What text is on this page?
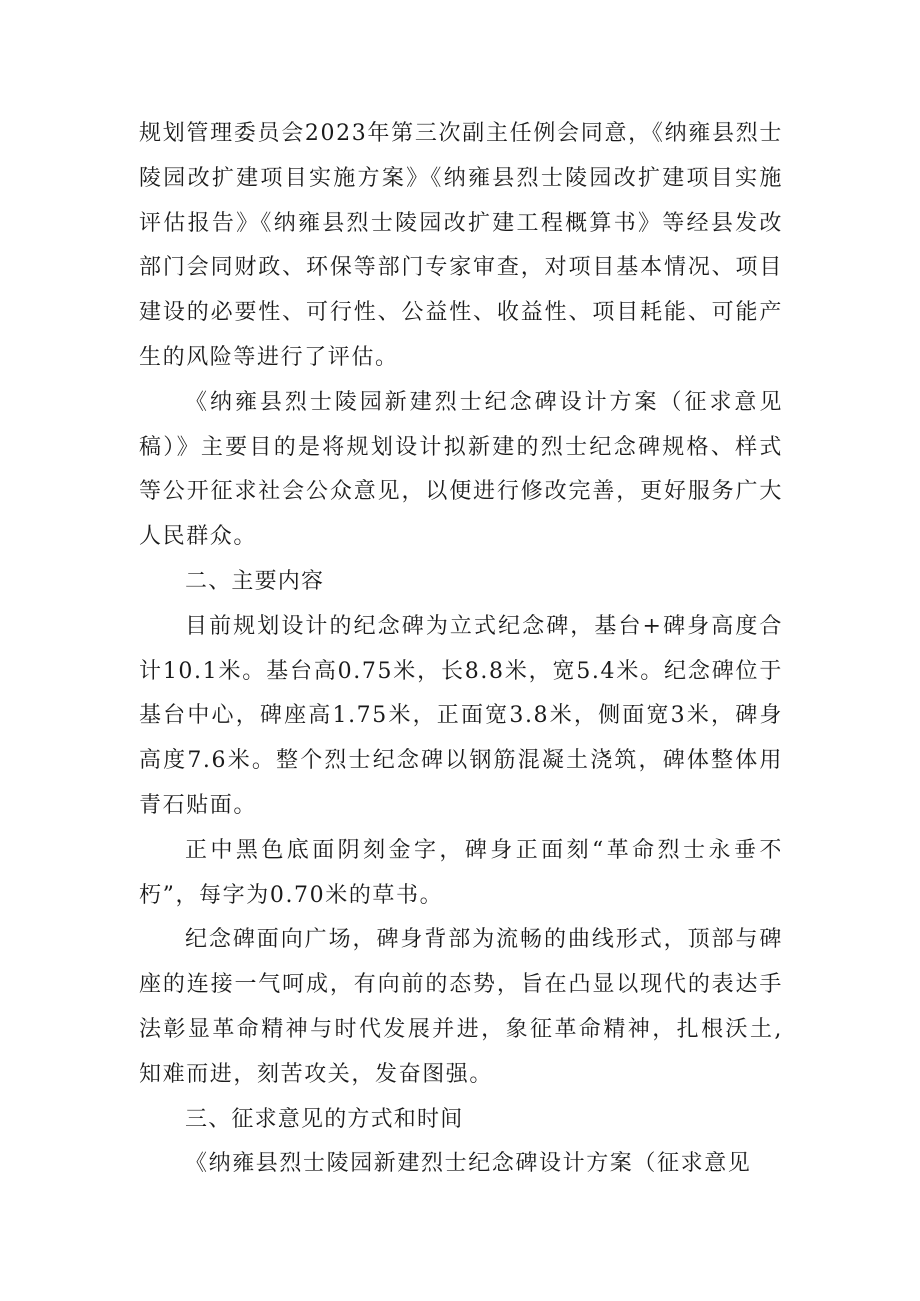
规划管理委员会2023年第三次副主任例会同意，《纳雍县烈士陵园改扩建项目实施方案》《纳雍县烈士陵园改扩建项目实施评估报告》《纳雍县烈士陵园改扩建工程概算书》等经县发改部门会同财政、环保等部门专家审查，对项目基本情况、项目建设的必要性、可行性、公益性、收益性、项目耗能、可能产生的风险等进行了评估。

《纳雍县烈士陵园新建烈士纪念碑设计方案（征求意见稿）》主要目的是将规划设计拟新建的烈士纪念碑规格、样式等公开征求社会公众意见，以便进行修改完善，更好服务广大人民群众。

二、主要内容

目前规划设计的纪念碑为立式纪念碑，基台+碑身高度合计10.1米。基台高0.75米，长8.8米，宽5.4米。纪念碑位于基台中心，碑座高1.75米，正面宽3.8米，侧面宽3米，碑身高度7.6米。整个烈士纪念碑以钢筋混凝土浇筑，碑体整体用青石贴面。

正中黑色底面阴刻金字，碑身正面刻“革命烈士永垂不朽”，每字为0.70米的草书。

纪念碑面向广场，碑身背部为流畅的曲线形式，顶部与碑座的连接一气呵成，有向前的态势，旨在凸显以现代的表达手法彰显革命精神与时代发展并进，象征革命精神，扎根沃土,知难而进，刻苦攻关，发奋图强。

三、征求意见的方式和时间

《纳雍县烈士陵园新建烈士纪念碑设计方案（征求意见
